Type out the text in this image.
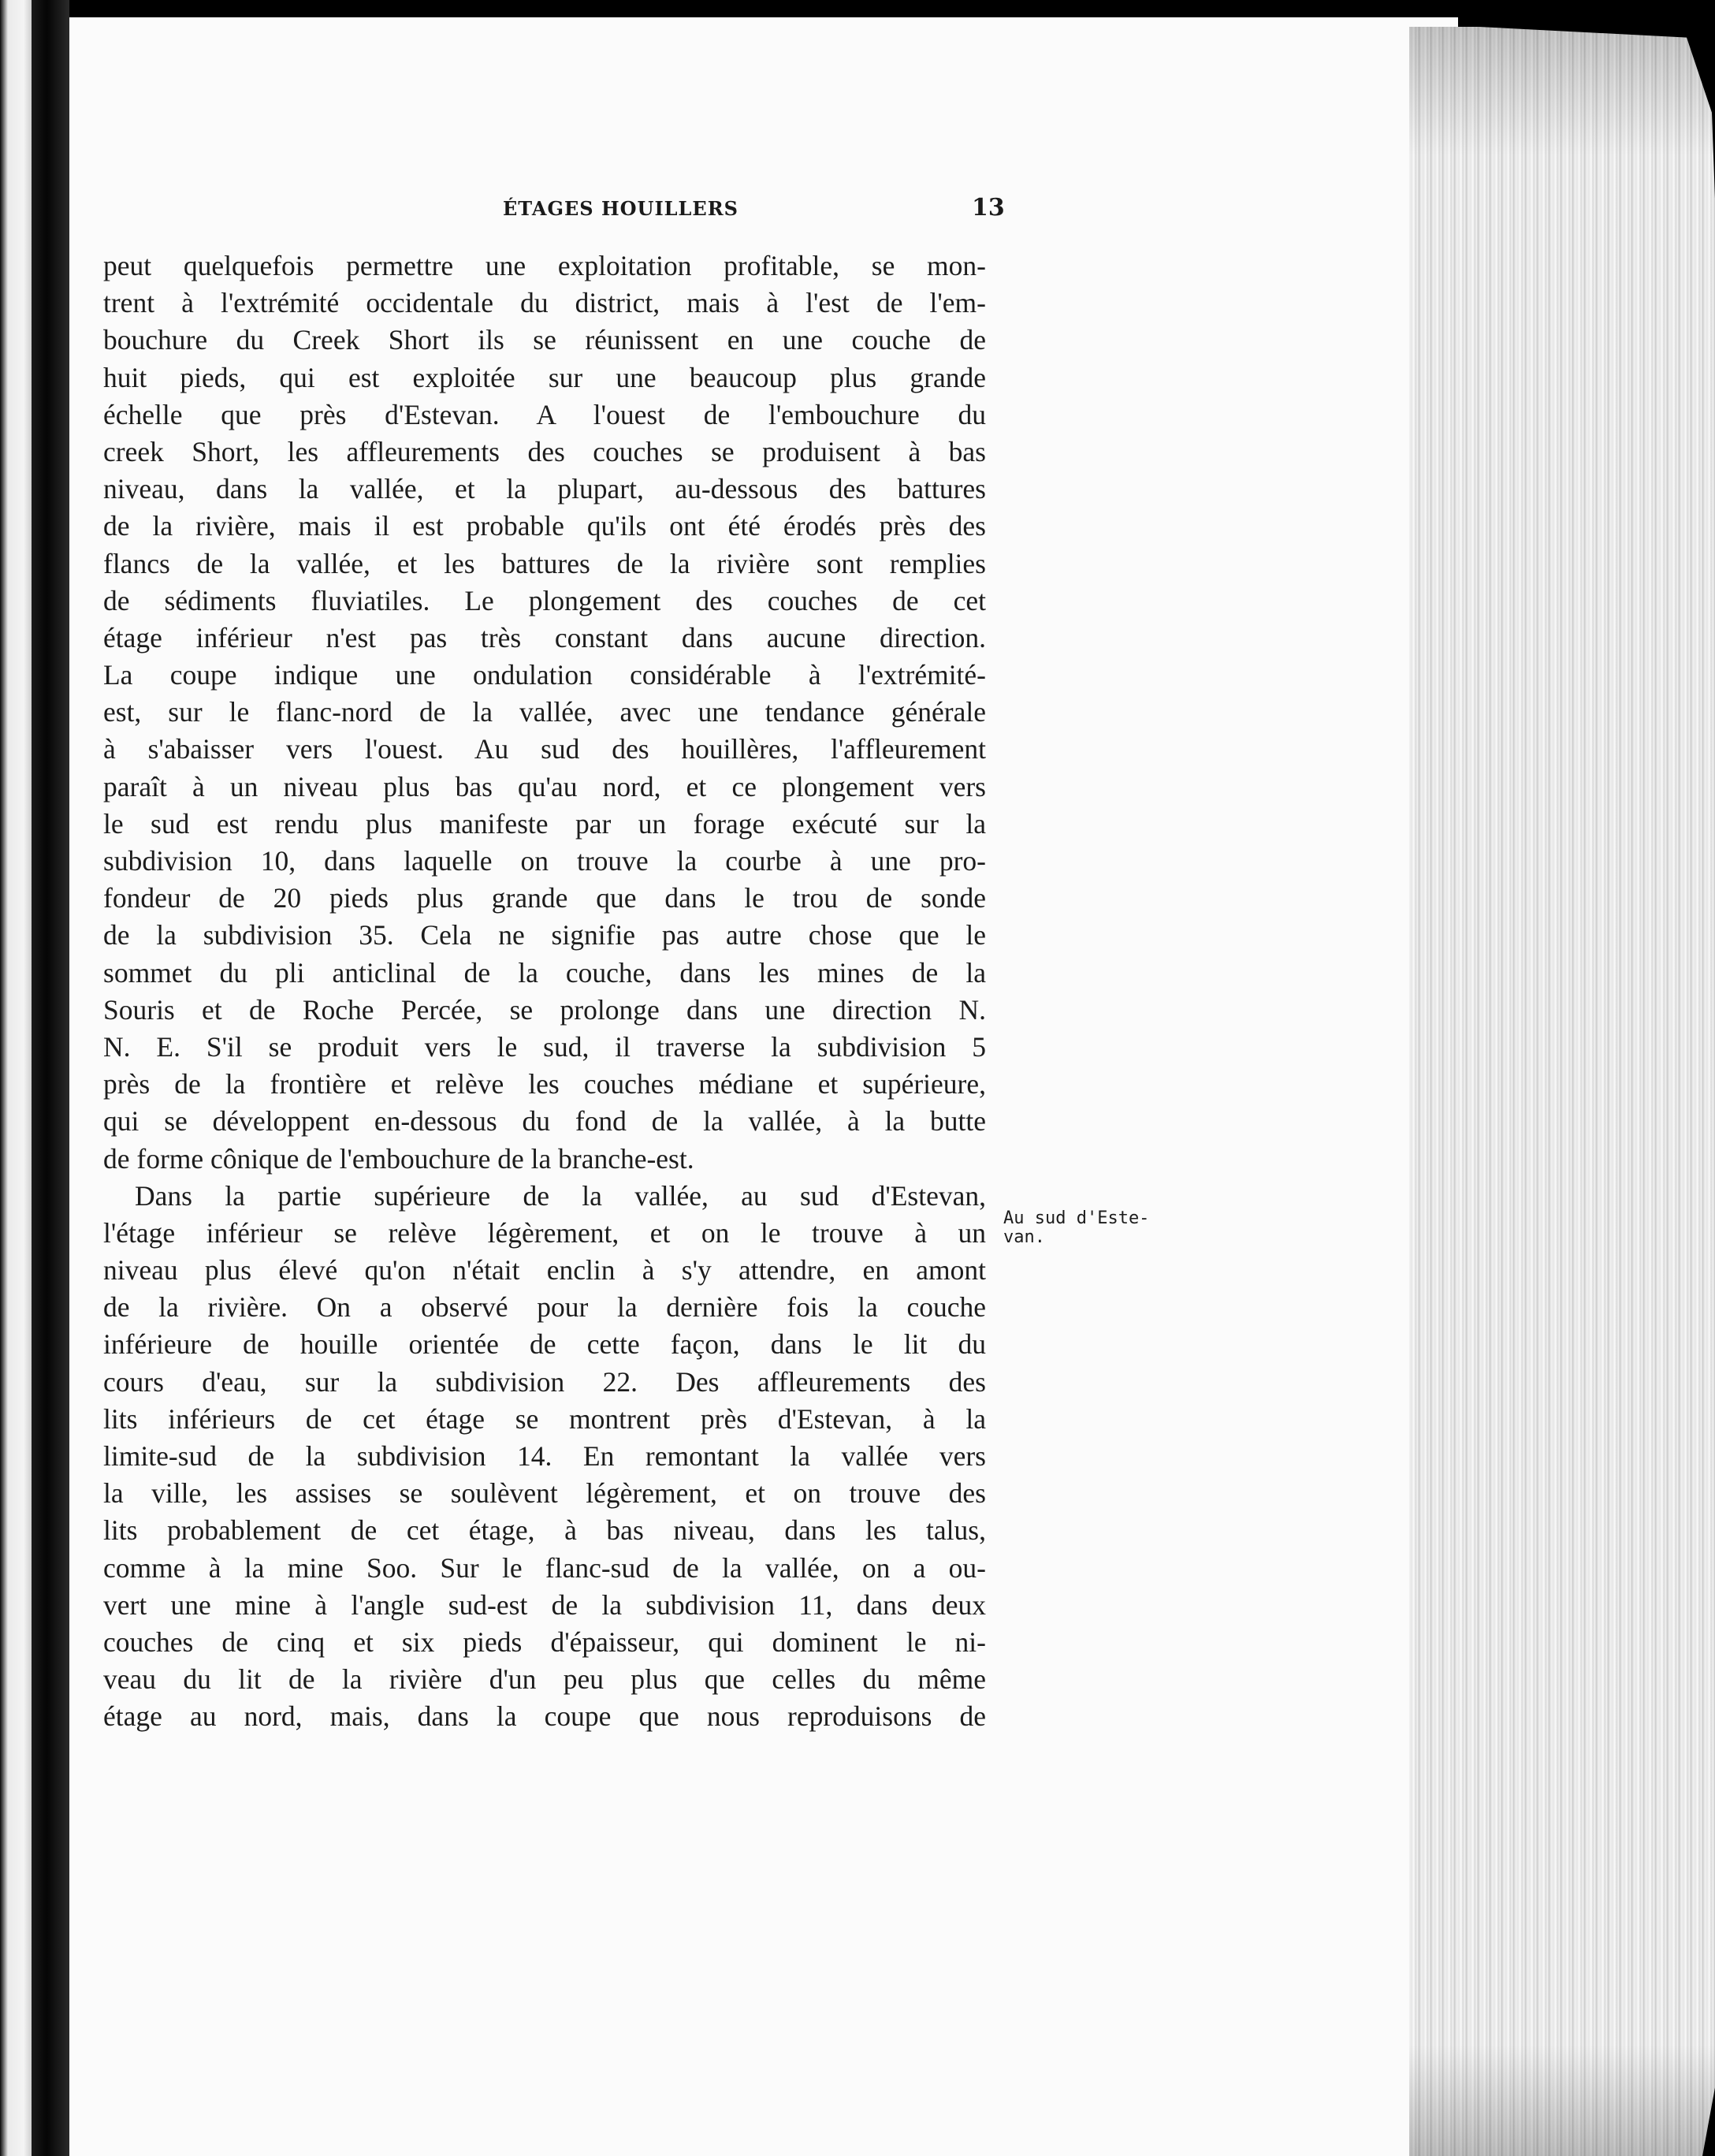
ÉTAGES HOUILLERS	13
peut quelquefois permettre une exploitation profitable, se mon-
trent à l'extrémité occidentale du district, mais à l'est de l'em-
bouchure du Creek Short ils se réunissent en une couche de
huit pieds, qui est exploitée sur une beaucoup plus grande
échelle que près d'Estevan. A l'ouest de l'embouchure du
creek Short, les affleurements des couches se produisent à bas
niveau, dans la vallée, et la plupart, au-dessous des battures
de la rivière, mais il est probable qu'ils ont été érodés près des
flancs de la vallée, et les battures de la rivière sont remplies
de sédiments fluviatiles. Le plongement des couches de cet
étage inférieur n'est pas très constant dans aucune direction.
La coupe indique une ondulation considérable à l'extrémité-
est, sur le flanc-nord de la vallée, avec une tendance générale
à s'abaisser vers l'ouest. Au sud des houillères, l'affleurement
paraît à un niveau plus bas qu'au nord, et ce plongement vers
le sud est rendu plus manifeste par un forage exécuté sur la
subdivision 10, dans laquelle on trouve la courbe à une pro-
fondeur de 20 pieds plus grande que dans le trou de sonde
de la subdivision 35. Cela ne signifie pas autre chose que le
sommet du pli anticlinal de la couche, dans les mines de la
Souris et de Roche Percée, se prolonge dans une direction N.
N. E. S'il se produit vers le sud, il traverse la subdivision 5
près de la frontière et relève les couches médiane et supérieure,
qui se développent en-dessous du fond de la vallée, à la butte
de forme cônique de l'embouchure de la branche-est.
Dans la partie supérieure de la vallée, au sud d'Estevan,
l'étage inférieur se relève légèrement, et on le trouve à un
niveau plus élevé qu'on n'était enclin à s'y attendre, en amont
de la rivière. On a observé pour la dernière fois la couche
inférieure de houille orientée de cette façon, dans le lit du
cours d'eau, sur la subdivision 22. Des affleurements des
lits inférieurs de cet étage se montrent près d'Estevan, à la
limite-sud de la subdivision 14. En remontant la vallée vers
la ville, les assises se soulèvent légèrement, et on trouve des
lits probablement de cet étage, à bas niveau, dans les talus,
comme à la mine Soo. Sur le flanc-sud de la vallée, on a ou-
vert une mine à l'angle sud-est de la subdivision 11, dans deux
couches de cinq et six pieds d'épaisseur, qui dominent le ni-
veau du lit de la rivière d'un peu plus que celles du même
étage au nord, mais, dans la coupe que nous reproduisons de
Au sud d'Este-
van.
